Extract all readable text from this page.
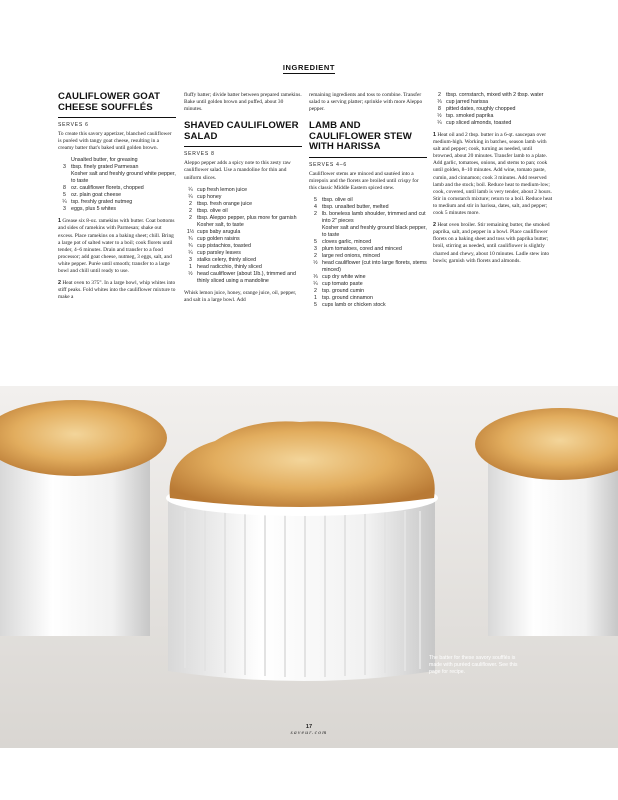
INGREDIENT
CAULIFLOWER GOAT CHEESE SOUFFLÉS
SERVES 6

To create this savory appetizer, blanched cauliflower is puréed with tangy goat cheese, resulting in a creamy batter that's baked until golden brown.

Unsalted butter, for greasing
3 tbsp. finely grated Parmesan
Kosher salt and freshly ground white pepper, to taste
8 oz. cauliflower florets, chopped
5 oz. plain goat cheese
¼ tsp. freshly grated nutmeg
3 eggs, plus 5 whites

1 Grease six 8-oz. ramekins with butter. Coat bottoms and sides of ramekins with Parmesan; shake out excess. Place ramekins on a baking sheet; chill. Bring a large pot of salted water to a boil; cook florets until tender, 4–6 minutes. Drain and transfer to a food processor; add goat cheese, nutmeg, 3 eggs, salt, and white pepper. Purée until smooth; transfer to a large bowl and chill until ready to use.

2 Heat oven to 375°. In a large bowl, whip whites into stiff peaks. Fold whites into the cauliflower mixture to make a

fluffy batter; divide batter between prepared ramekins. Bake until golden brown and puffed, about 30 minutes.

SHAVED CAULIFLOWER SALAD
SERVES 8

Aleppo pepper adds a spicy note to this zesty raw cauliflower salad. Use a mandoline for thin and uniform slices.

¼ cup fresh lemon juice
¼ cup honey
2 tbsp. fresh orange juice
2 tbsp. olive oil
2 tbsp. Aleppo pepper, plus more for garnish
Kosher salt, to taste
1½ cups baby arugula
¾ cup golden raisins
¾ cup pistachios, toasted
¼ cup parsley leaves
3 stalks celery, thinly sliced
1 head radicchio, thinly sliced
½ head cauliflower (about 1lb.), trimmed and thinly sliced using a mandoline

Whisk lemon juice, honey, orange juice, oil, pepper, and salt in a large bowl. Add

remaining ingredients and toss to combine. Transfer salad to a serving platter; sprinkle with more Aleppo pepper.

LAMB AND CAULIFLOWER STEW WITH HARISSA
SERVES 4–6

Cauliflower stems are minced and sautéed into a mirepoix and the florets are broiled until crispy for this classic Middle Eastern spiced stew.

5 tbsp. olive oil
4 tbsp. unsalted butter, melted
2 lb. boneless lamb shoulder, trimmed and cut into 2" pieces
Kosher salt and freshly ground black pepper, to taste
5 cloves garlic, minced
3 plum tomatoes, cored and minced
2 large red onions, minced
½ head cauliflower (cut into large florets, stems minced)
⅓ cup dry white wine
¼ cup tomato paste
2 tsp. ground cumin
1 tsp. ground cinnamon
5 cups lamb or chicken stock
2 tbsp. cornstarch, mixed with 2 tbsp. water
⅓ cup jarred harissa
8 pitted dates, roughly chopped
½ tsp. smoked paprika
¼ cup sliced almonds, toasted

1 Heat oil and 2 tbsp. butter in a 6-qt. saucepan over medium-high. Working in batches, season lamb with salt and pepper; cook, turning as needed, until browned, about 20 minutes. Transfer lamb to a plate. Add garlic, tomatoes, onions, and stems to pan; cook until golden, 8–10 minutes. Add wine, tomato paste, cumin, and cinnamon; cook 3 minutes. Add reserved lamb and the stock; boil. Reduce heat to medium-low; cook, covered, until lamb is very tender, about 2 hours. Stir in cornstarch mixture; return to a boil. Reduce heat to medium and stir in harissa, dates, salt, and pepper; cook 5 minutes more.

2 Heat oven broiler. Stir remaining butter, the smoked paprika, salt, and pepper in a bowl. Place cauliflower florets on a baking sheet and toss with paprika butter; broil, stirring as needed, until cauliflower is slightly charred and chewy, about 10 minutes. Ladle stew into bowls; garnish with florets and almonds.

The batter for these savory soufflés is made with puréed cauliflower. See this page for recipe.
17
saveur.com
